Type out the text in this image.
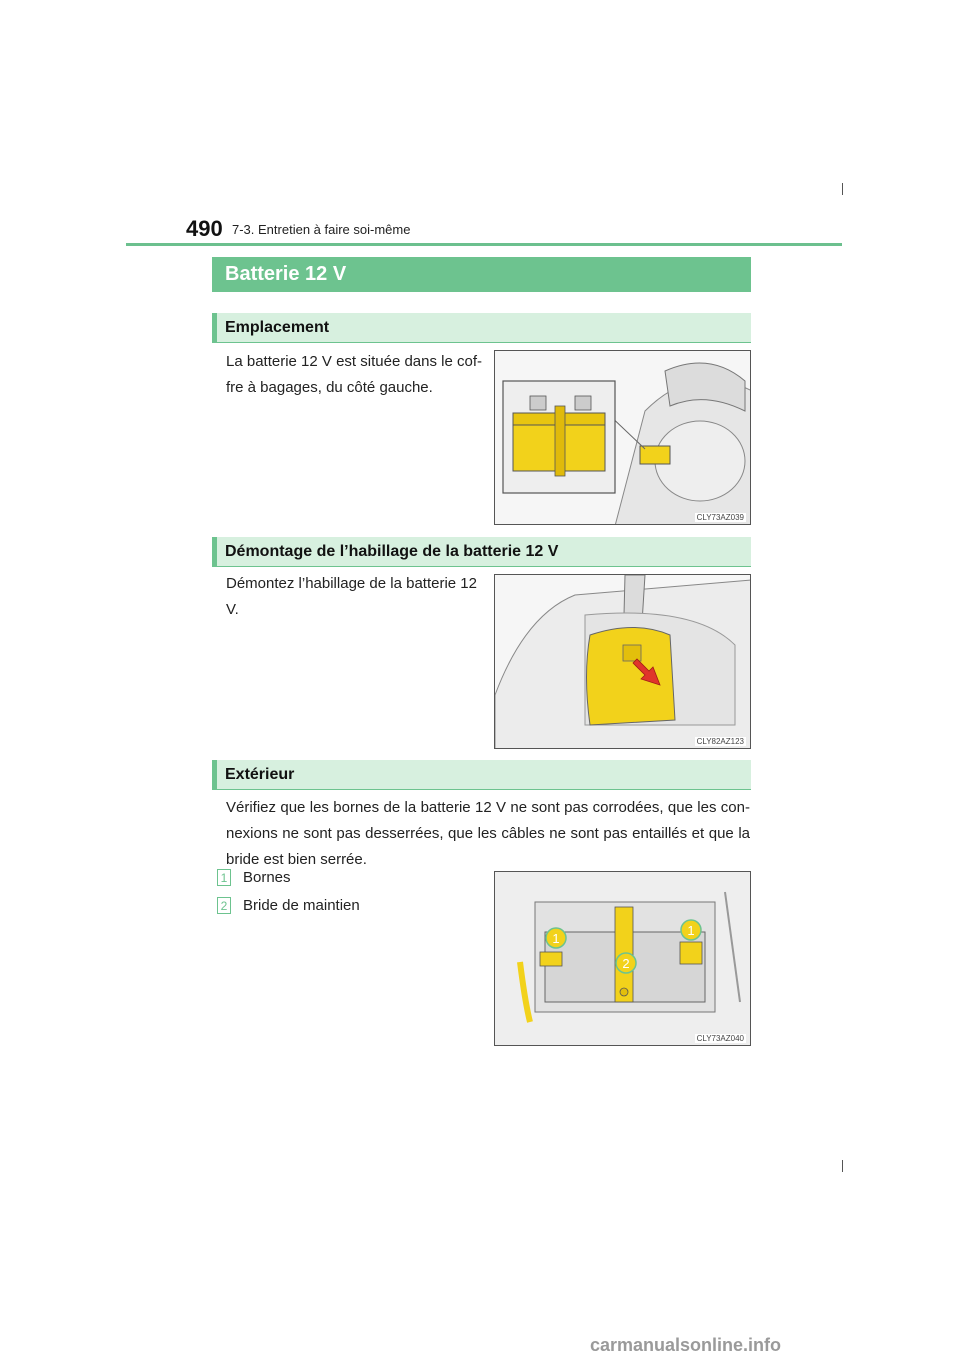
490 7-3. Entretien à faire soi-même
Batterie 12 V
Emplacement
La batterie 12 V est située dans le cof-fre à bagages, du côté gauche.
CLY73AZ039
Démontage de l’habillage de la batterie 12 V
Démontez l’habillage de la batterie 12 V.
CLY82AZ123
Extérieur
Vérifiez que les bornes de la batterie 12 V ne sont pas corrodées, que les con-nexions ne sont pas desserrées, que les câbles ne sont pas entaillés et que la bride est bien serrée.
1 Bornes
2 Bride de maintien
1
1
2
CLY73AZ040
carmanualsonline.info
